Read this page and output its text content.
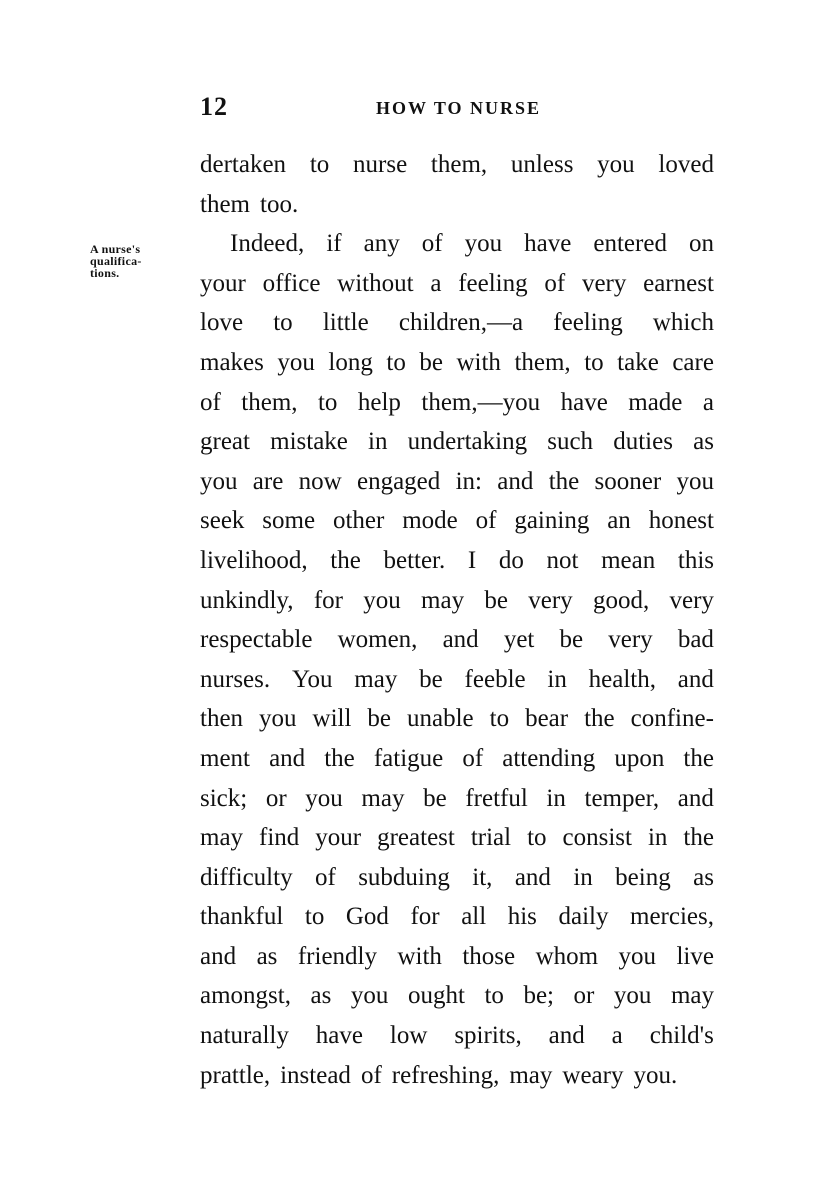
12	HOW TO NURSE
A nurse's
qualifica-
tions.
dertaken to nurse them, unless you loved
them too.
Indeed, if any of you have entered on
your office without a feeling of very earnest
love to little children,—a feeling which
makes you long to be with them, to take care
of them, to help them,—you have made a
great mistake in undertaking such duties as
you are now engaged in: and the sooner you
seek some other mode of gaining an honest
livelihood, the better. I do not mean this
unkindly, for you may be very good, very
respectable women, and yet be very bad
nurses. You may be feeble in health, and
then you will be unable to bear the confine-
ment and the fatigue of attending upon the
sick; or you may be fretful in temper, and
may find your greatest trial to consist in the
difficulty of subduing it, and in being as
thankful to God for all his daily mercies,
and as friendly with those whom you live
amongst, as you ought to be; or you may
naturally have low spirits, and a child's
prattle, instead of refreshing, may weary you.
